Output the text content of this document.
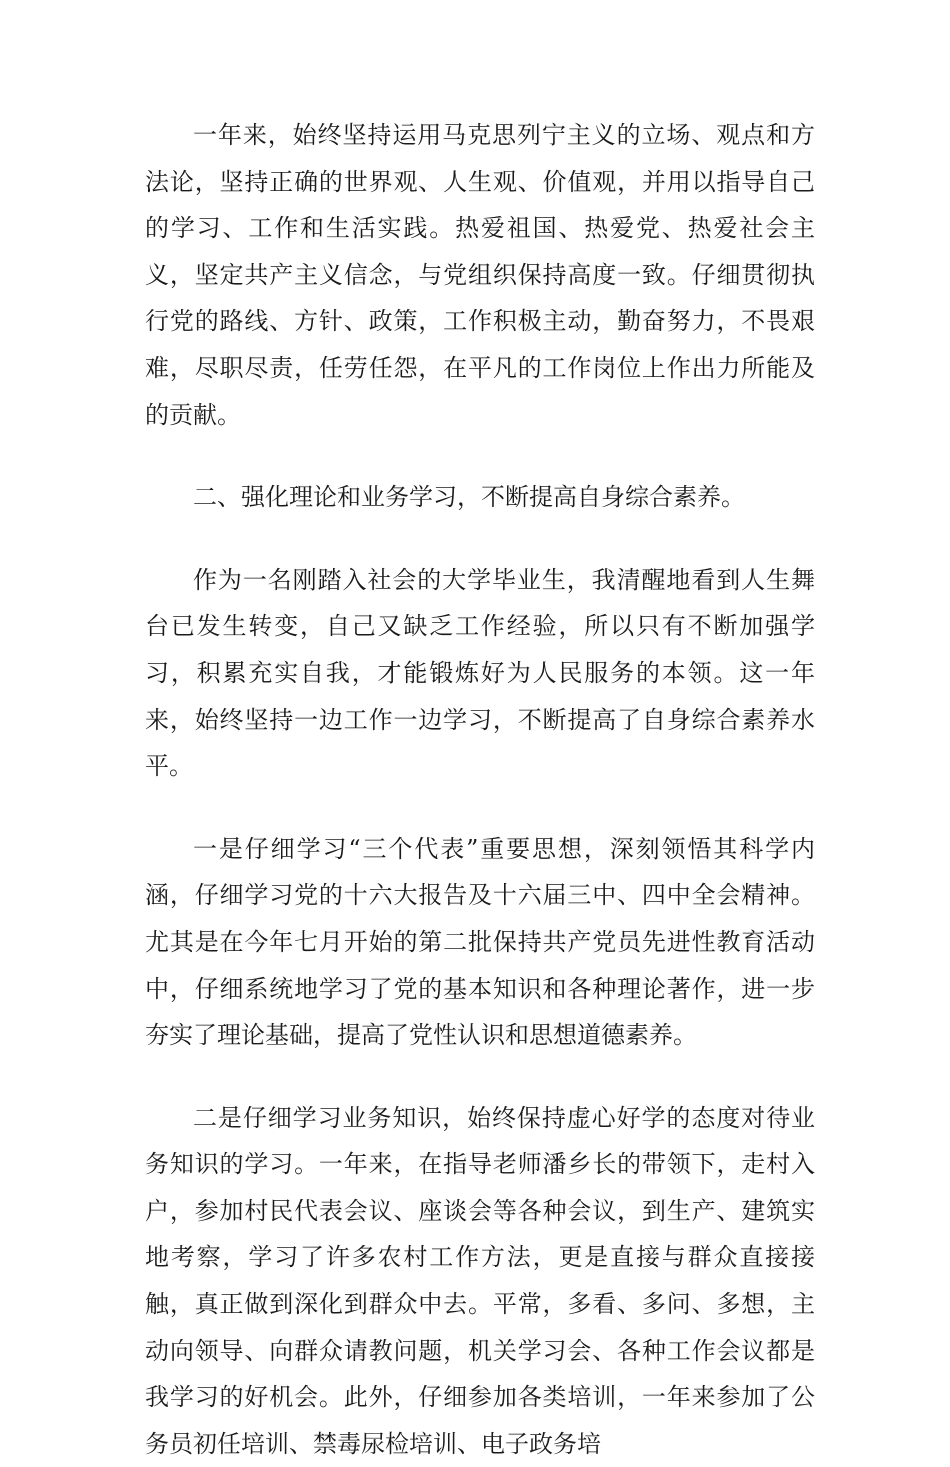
一年来，始终坚持运用马克思列宁主义的立场、观点和方法论，坚持正确的世界观、人生观、价值观，并用以指导自己的学习、工作和生活实践。热爱祖国、热爱党、热爱社会主义，坚定共产主义信念，与党组织保持高度一致。仔细贯彻执行党的路线、方针、政策，工作积极主动，勤奋努力，不畏艰难，尽职尽责，任劳任怨，在平凡的工作岗位上作出力所能及的贡献。

二、强化理论和业务学习，不断提高自身综合素养。

作为一名刚踏入社会的大学毕业生，我清醒地看到人生舞台已发生转变，自己又缺乏工作经验，所以只有不断加强学习，积累充实自我，才能锻炼好为人民服务的本领。这一年来，始终坚持一边工作一边学习，不断提高了自身综合素养水平。

一是仔细学习“三个代表”重要思想，深刻领悟其科学内涵，仔细学习党的十六大报告及十六届三中、四中全会精神。尤其是在今年七月开始的第二批保持共产党员先进性教育活动中，仔细系统地学习了党的基本知识和各种理论著作，进一步夯实了理论基础，提高了党性认识和思想道德素养。

二是仔细学习业务知识，始终保持虚心好学的态度对待业务知识的学习。一年来，在指导老师潘乡长的带领下，走村入户，参加村民代表会议、座谈会等各种会议，到生产、建筑实地考察，学习了许多农村工作方法，更是直接与群众直接接触，真正做到深化到群众中去。平常，多看、多问、多想，主动向领导、向群众请教问题，机关学习会、各种工作会议都是我学习的好机会。此外，仔细参加各类培训，一年来参加了公务员初任培训、禁毒尿检培训、电子政务培
